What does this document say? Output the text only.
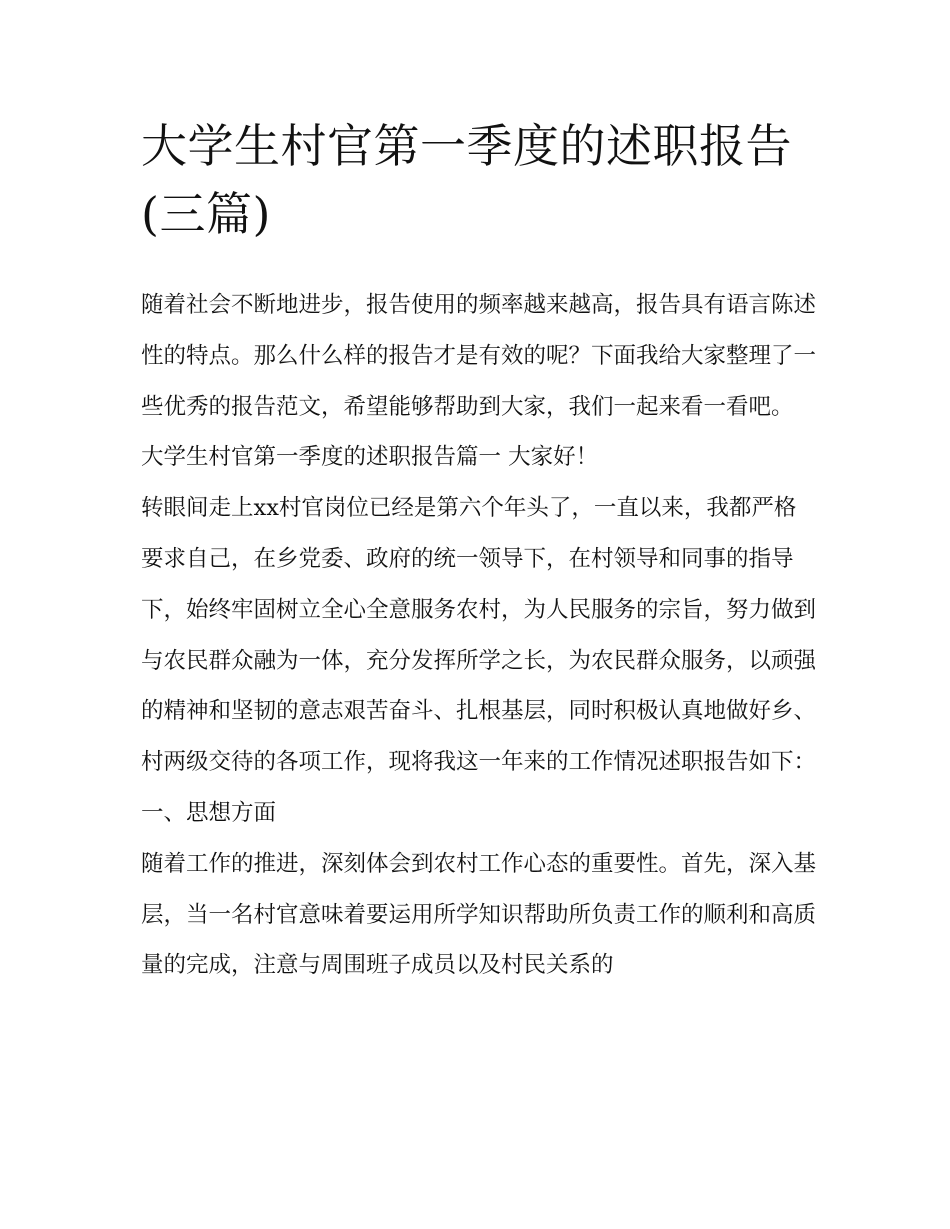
大学生村官第一季度的述职报告(三篇)

随着社会不断地进步，报告使用的频率越来越高，报告具有语言陈述性的特点。那么什么样的报告才是有效的呢？下面我给大家整理了一些优秀的报告范文，希望能够帮助到大家，我们一起来看一看吧。

大学生村官第一季度的述职报告篇一 大家好！

转眼间走上xx村官岗位已经是第六个年头了，一直以来，我都严格要求自己，在乡党委、政府的统一领导下，在村领导和同事的指导下，始终牢固树立全心全意服务农村，为人民服务的宗旨，努力做到与农民群众融为一体，充分发挥所学之长，为农民群众服务，以顽强的精神和坚韧的意志艰苦奋斗、扎根基层，同时积极认真地做好乡、村两级交待的各项工作，现将我这一年来的工作情况述职报告如下：

一、思想方面

随着工作的推进，深刻体会到农村工作心态的重要性。首先，深入基层，当一名村官意味着要运用所学知识帮助所负责工作的顺利和高质量的完成，注意与周围班子成员以及村民关系的
